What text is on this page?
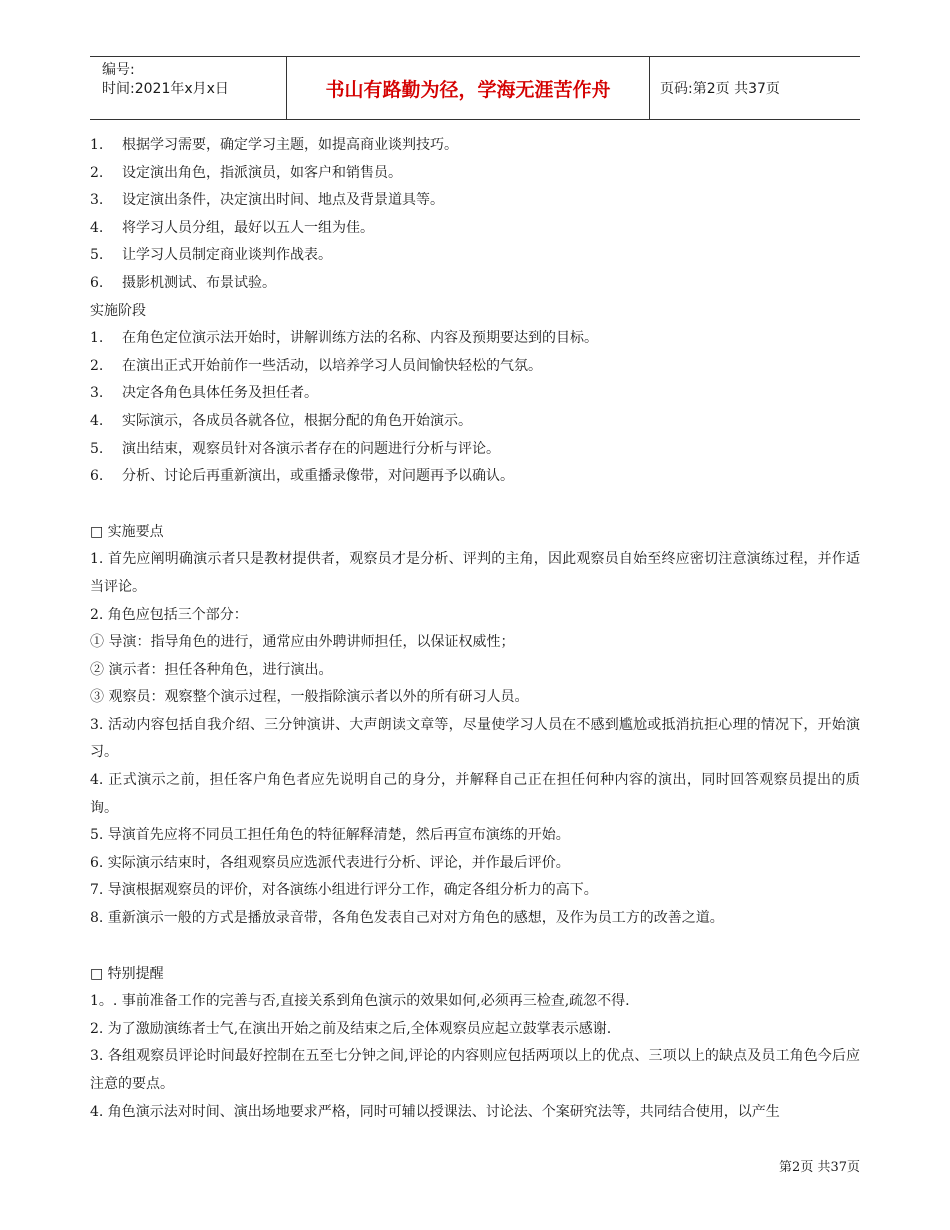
编号:
时间:2021年x月x日	书山有路勤为径，学海无涯苦作舟	页码:第2页 共37页
1. 根据学习需要，确定学习主题，如提高商业谈判技巧。
2. 设定演出角色，指派演员，如客户和销售员。
3. 设定演出条件，决定演出时间、地点及背景道具等。
4. 将学习人员分组，最好以五人一组为佳。
5. 让学习人员制定商业谈判作战表。
6. 摄影机测试、布景试验。
实施阶段
1. 在角色定位演示法开始时，讲解训练方法的名称、内容及预期要达到的目标。
2. 在演出正式开始前作一些活动，以培养学习人员间愉快轻松的气氛。
3. 决定各角色具体任务及担任者。
4. 实际演示，各成员各就各位，根据分配的角色开始演示。
5. 演出结束，观察员针对各演示者存在的问题进行分析与评论。
6. 分析、讨论后再重新演出，或重播录像带，对问题再予以确认。
□ 实施要点
1. 首先应阐明确演示者只是教材提供者，观察员才是分析、评判的主角，因此观察员自始至终应密切注意演练过程，并作适当评论。
2. 角色应包括三个部分：
① 导演：指导角色的进行，通常应由外聘讲师担任，以保证权威性；
② 演示者：担任各种角色，进行演出。
③ 观察员：观察整个演示过程，一般指除演示者以外的所有研习人员。
3. 活动内容包括自我介绍、三分钟演讲、大声朗读文章等，尽量使学习人员在不感到尴尬或抵消抗拒心理的情况下，开始演习。
4. 正式演示之前，担任客户角色者应先说明自己的身分，并解释自己正在担任何种内容的演出，同时回答观察员提出的质询。
5. 导演首先应将不同员工担任角色的特征解释清楚，然后再宣布演练的开始。
6. 实际演示结束时，各组观察员应选派代表进行分析、评论，并作最后评价。
7. 导演根据观察员的评价，对各演练小组进行评分工作，确定各组分析力的高下。
8. 重新演示一般的方式是播放录音带，各角色发表自己对对方角色的感想，及作为员工方的改善之道。
□ 特别提醒
1。. 事前准备工作的完善与否,直接关系到角色演示的效果如何,必须再三检查,疏忽不得.
2. 为了激励演练者士气,在演出开始之前及结束之后,全体观察员应起立鼓掌表示感谢.
3. 各组观察员评论时间最好控制在五至七分钟之间,评论的内容则应包括两项以上的优点、三项以上的缺点及员工角色今后应注意的要点。
4. 角色演示法对时间、演出场地要求严格，同时可辅以授课法、讨论法、个案研究法等，共同结合使用，以产生
第2页 共37页
